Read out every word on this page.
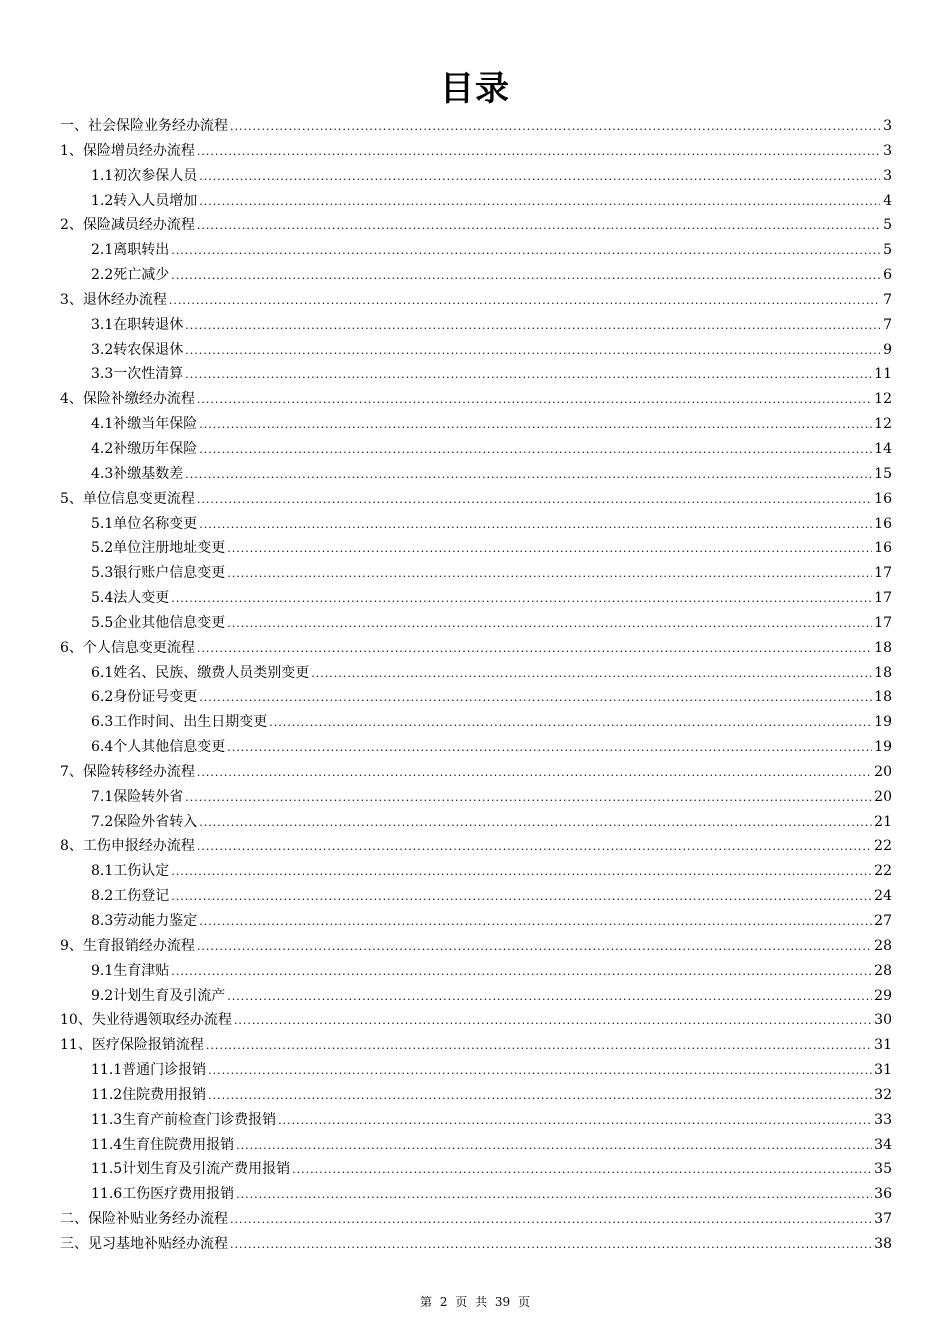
目录
一、社会保险业务经办流程 .....	3
1、保险增员经办流程 .....	3
1.1初次参保人员 .....	3
1.2转入人员增加 .....	4
2、保险减员经办流程 .....	5
2.1离职转出 .....	5
2.2死亡减少 .....	6
3、退休经办流程 .....	7
3.1在职转退休 .....	7
3.2转农保退休 .....	9
3.3一次性清算 .....	11
4、保险补缴经办流程 .....	12
4.1补缴当年保险 .....	12
4.2补缴历年保险 .....	14
4.3补缴基数差 .....	15
5、单位信息变更流程 .....	16
5.1单位名称变更 .....	16
5.2单位注册地址变更 .....	16
5.3银行账户信息变更 .....	17
5.4法人变更 .....	17
5.5企业其他信息变更 .....	17
6、个人信息变更流程 .....	18
6.1姓名、民族、缴费人员类别变更 .....	18
6.2身份证号变更 .....	18
6.3工作时间、出生日期变更 .....	19
6.4个人其他信息变更 .....	19
7、保险转移经办流程 .....	20
7.1保险转外省 .....	20
7.2保险外省转入 .....	21
8、工伤申报经办流程 .....	22
8.1工伤认定 .....	22
8.2工伤登记 .....	24
8.3劳动能力鉴定 .....	27
9、生育报销经办流程 .....	28
9.1生育津贴 .....	28
9.2计划生育及引流产 .....	29
10、失业待遇领取经办流程 .....	30
11、医疗保险报销流程 .....	31
11.1普通门诊报销 .....	31
11.2住院费用报销 .....	32
11.3生育产前检查门诊费报销 .....	33
11.4生育住院费用报销 .....	34
11.5计划生育及引流产费用报销 .....	35
11.6工伤医疗费用报销 .....	36
二、保险补贴业务经办流程 .....	37
三、见习基地补贴经办流程 .....	38
第 2 页 共 39 页
